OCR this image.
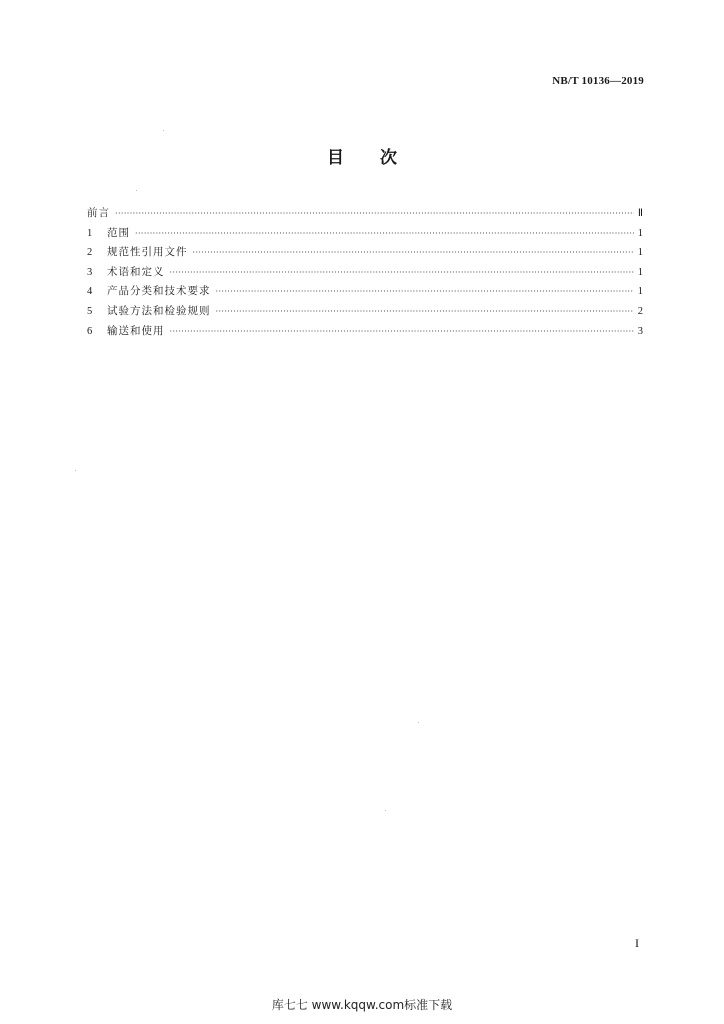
NB/T 10136—2019
目 次
前言 ·····	Ⅱ
1	范围 ·····	1
2	规范性引用文件 ·····	1
3	术语和定义 ·····	1
4	产品分类和技术要求 ·····	1
5	试验方法和检验规则 ·····	2
6	输送和使用 ·····	3
I
库七七 www.kqqw.com标准下载
